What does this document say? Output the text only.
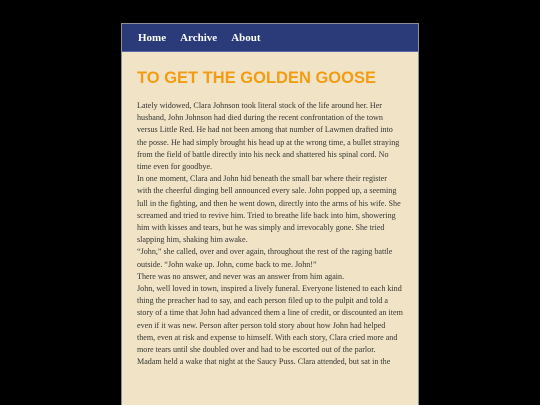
Home Archive About
TO GET THE GOLDEN GOOSE

Lately widowed, Clara Johnson took literal stock of the life around her. Her husband, John Johnson had died during the recent confrontation of the town versus Little Red. He had not been among that number of Lawmen drafted into the posse. He had simply brought his head up at the wrong time, a bullet straying from the field of battle directly into his neck and shattered his spinal cord. No time even for goodbye.

In one moment, Clara and John hid beneath the small bar where their register with the cheerful dinging bell announced every sale. John popped up, a seeming lull in the fighting, and then he went down, directly into the arms of his wife. She screamed and tried to revive him. Tried to breathe life back into him, showering him with kisses and tears, but he was simply and irrevocably gone. She tried slapping him, shaking him awake.

“John,” she called, over and over again, throughout the rest of the raging battle outside. “John wake up. John, come back to me. John!”

There was no answer, and never was an answer from him again.

John, well loved in town, inspired a lively funeral. Everyone listened to each kind thing the preacher had to say, and each person filed up to the pulpit and told a story of a time that John had advanced them a line of credit, or discounted an item even if it was new. Person after person told story about how John had helped them, even at risk and expense to himself. With each story, Clara cried more and more tears until she doubled over and had to be escorted out of the parlor.

Madam held a wake that night at the Saucy Puss. Clara attended, but sat in the
